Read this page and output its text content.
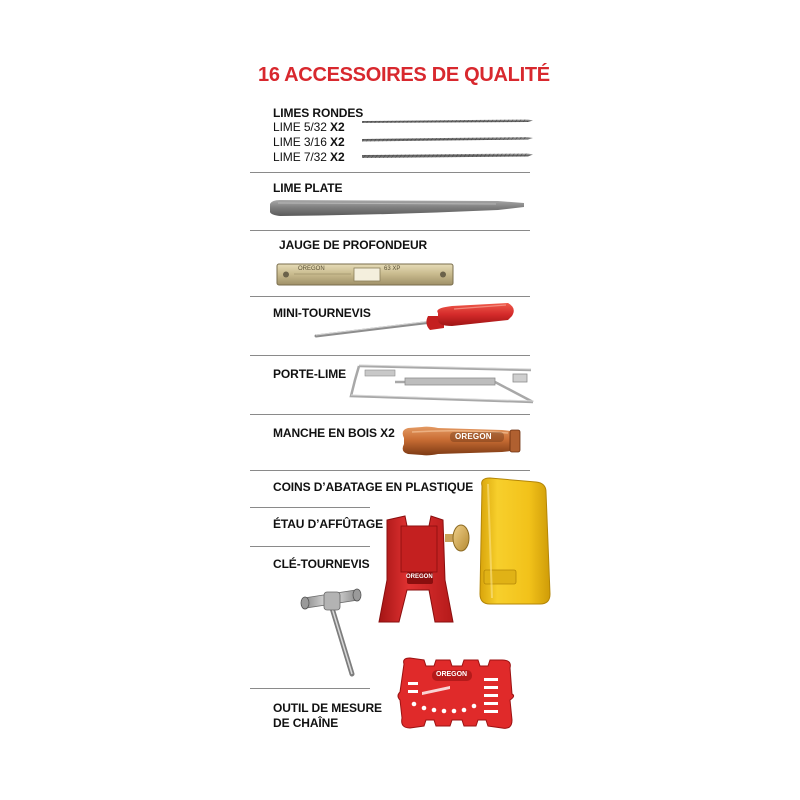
16 ACCESSOIRES DE QUALITÉ
LIMES RONDES
LIME 5/32 X2
LIME 3/16 X2
LIME 7/32 X2
LIME PLATE
JAUGE DE PROFONDEUR
OREGON	63 XP
MINI-TOURNEVIS
PORTE-LIME
MANCHE EN BOIS X2	OREGON
COINS D’ABATAGE EN PLASTIQUE
ÉTAU D’AFFÛTAGE
OREGON
CLÉ-TOURNEVIS
OUTIL DE MESURE
DE CHAÎNE
OREGON
